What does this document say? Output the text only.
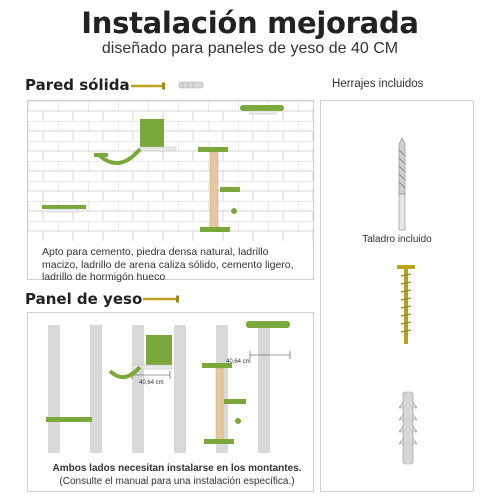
Instalación mejorada
diseñado para paneles de yeso de 40 CM
Pared sólida
Apto para cemento, piedra densa natural, ladrillo macizo, ladrillo de arena caliza sólido, cemento ligero, ladrillo de hormigón hueco
Panel de yeso
40,64 cm
40,64 cm
Ambos lados necesitan instalarse en los montantes.
(Consulte el manual para una instalación específica.)
Herrajes incluidos
Taladro incluido
